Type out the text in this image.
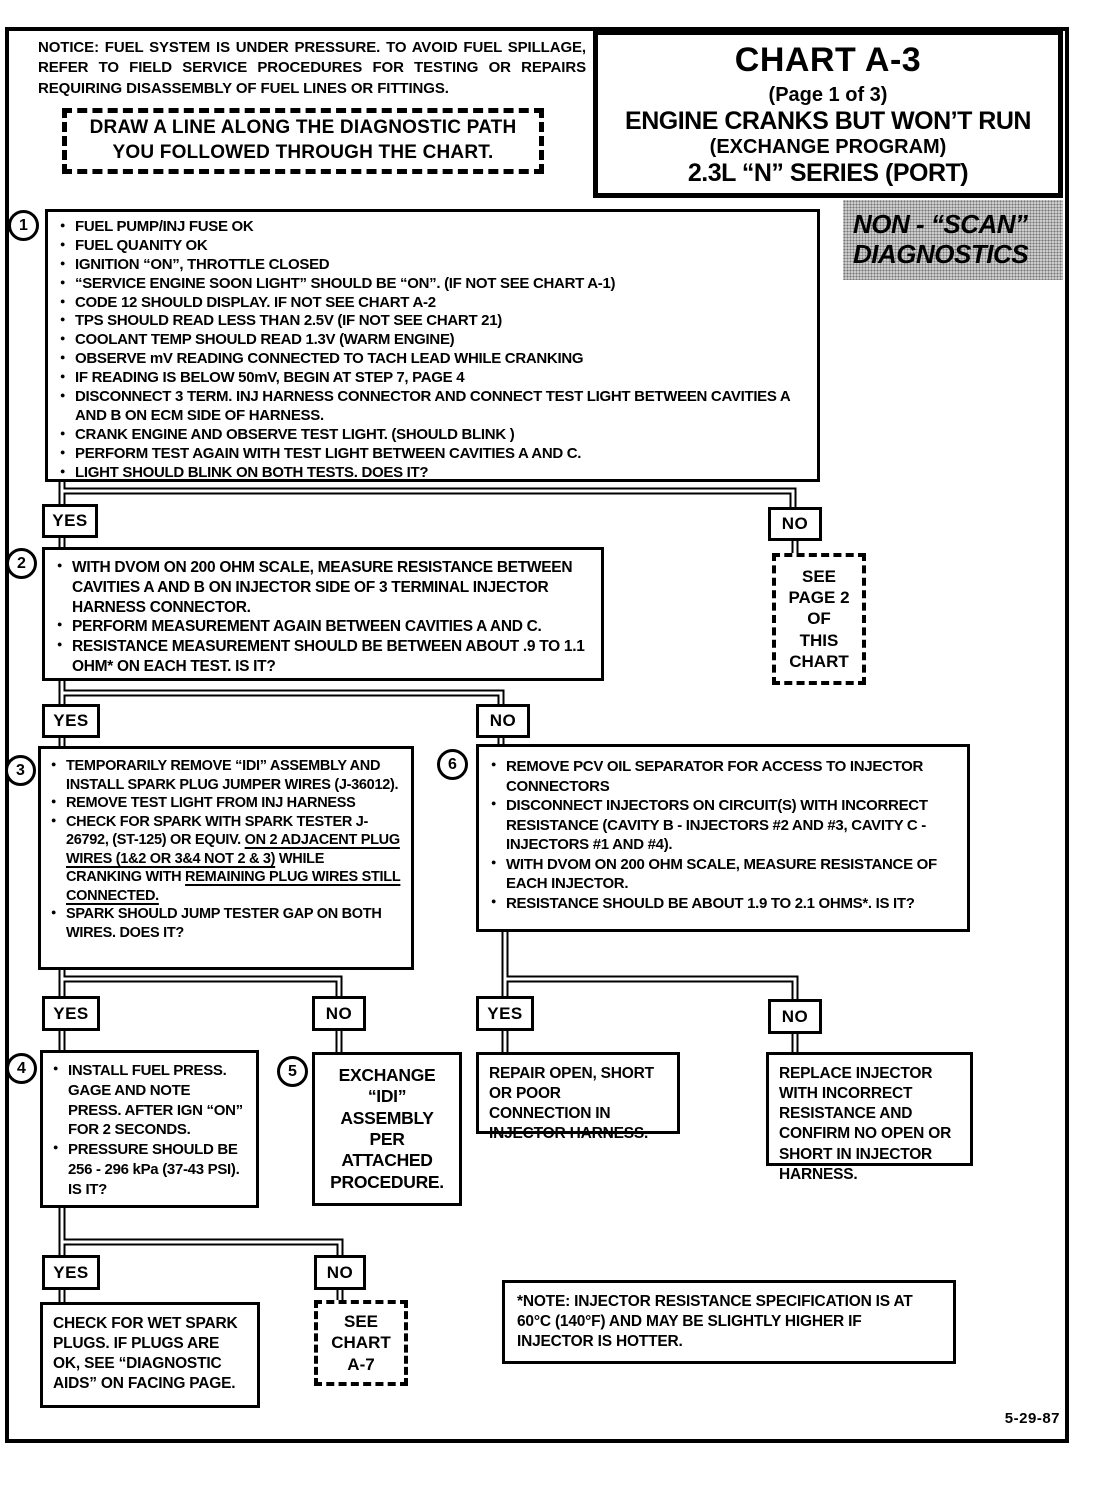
NOTICE: FUEL SYSTEM IS UNDER PRESSURE. TO AVOID FUEL SPILLAGE, REFER TO FIELD SERVICE PROCEDURES FOR TESTING OR REPAIRS REQUIRING DISASSEMBLY OF FUEL LINES OR FITTINGS.
DRAW A LINE ALONG THE DIAGNOSTIC PATH
YOU FOLLOWED THROUGH THE CHART.
CHART A-3
(Page 1 of 3)
ENGINE CRANKS BUT WON’T RUN
(EXCHANGE PROGRAM)
2.3L “N” SERIES (PORT)
NON - “SCAN”
DIAGNOSTICS
1	● FUEL PUMP/INJ FUSE OK
● FUEL QUANITY OK
● IGNITION “ON”, THROTTLE CLOSED
● “SERVICE ENGINE SOON LIGHT” SHOULD BE “ON”. (IF NOT SEE CHART A-1)
● CODE 12 SHOULD DISPLAY. IF NOT SEE CHART A-2
● TPS SHOULD READ LESS THAN 2.5V (IF NOT SEE CHART 21)
● COOLANT TEMP SHOULD READ 1.3V (WARM ENGINE)
● OBSERVE mV READING CONNECTED TO TACH LEAD WHILE CRANKING
● IF READING IS BELOW 50mV, BEGIN AT STEP 7, PAGE 4
● DISCONNECT 3 TERM. INJ HARNESS CONNECTOR AND CONNECT TEST LIGHT BETWEEN CAVITIES A AND B ON ECM SIDE OF HARNESS.
● CRANK ENGINE AND OBSERVE TEST LIGHT. (SHOULD BLINK )
● PERFORM TEST AGAIN WITH TEST LIGHT BETWEEN CAVITIES A AND C.
● LIGHT SHOULD BLINK ON BOTH TESTS. DOES IT?
YES	NO
SEE
PAGE 2
OF
THIS
CHART
2	● WITH DVOM ON 200 OHM SCALE, MEASURE RESISTANCE BETWEEN CAVITIES A AND B ON INJECTOR SIDE OF 3 TERMINAL INJECTOR HARNESS CONNECTOR.
● PERFORM MEASUREMENT AGAIN BETWEEN CAVITIES A AND C.
● RESISTANCE MEASUREMENT SHOULD BE BETWEEN ABOUT .9 TO 1.1 OHM* ON EACH TEST. IS IT?
YES	NO
3	● TEMPORARILY REMOVE “IDI” ASSEMBLY AND INSTALL SPARK PLUG JUMPER WIRES (J-36012).
● REMOVE TEST LIGHT FROM INJ HARNESS
● CHECK FOR SPARK WITH SPARK TESTER J-26792, (ST-125) OR EQUIV. ON 2 ADJACENT PLUG WIRES (1&2 OR 3&4 NOT 2 & 3) WHILE CRANKING WITH REMAINING PLUG WIRES STILL CONNECTED.
● SPARK SHOULD JUMP TESTER GAP ON BOTH WIRES. DOES IT?
6	● REMOVE PCV OIL SEPARATOR FOR ACCESS TO INJECTOR CONNECTORS
● DISCONNECT INJECTORS ON CIRCUIT(S) WITH INCORRECT RESISTANCE (CAVITY B - INJECTORS #2 AND #3, CAVITY C - INJECTORS #1 AND #4).
● WITH DVOM ON 200 OHM SCALE, MEASURE RESISTANCE OF EACH INJECTOR.
● RESISTANCE SHOULD BE ABOUT 1.9 TO 2.1 OHMS*. IS IT?
YES	NO	YES	NO
4	● INSTALL FUEL PRESS. GAGE AND NOTE PRESS. AFTER IGN “ON” FOR 2 SECONDS.
● PRESSURE SHOULD BE 256 - 296 kPa (37-43 PSI). IS IT?
5	EXCHANGE
“IDI”
ASSEMBLY
PER
ATTACHED
PROCEDURE.
REPAIR OPEN, SHORT OR POOR CONNECTION IN INJECTOR HARNESS.
REPLACE INJECTOR WITH INCORRECT RESISTANCE AND CONFIRM NO OPEN OR SHORT IN INJECTOR HARNESS.
YES	NO
CHECK FOR WET SPARK PLUGS. IF PLUGS ARE OK, SEE “DIAGNOSTIC AIDS” ON FACING PAGE.
SEE
CHART
A-7
*NOTE: INJECTOR RESISTANCE SPECIFICATION IS AT 60°C (140°F) AND MAY BE SLIGHTLY HIGHER IF INJECTOR IS HOTTER.
5-29-87
